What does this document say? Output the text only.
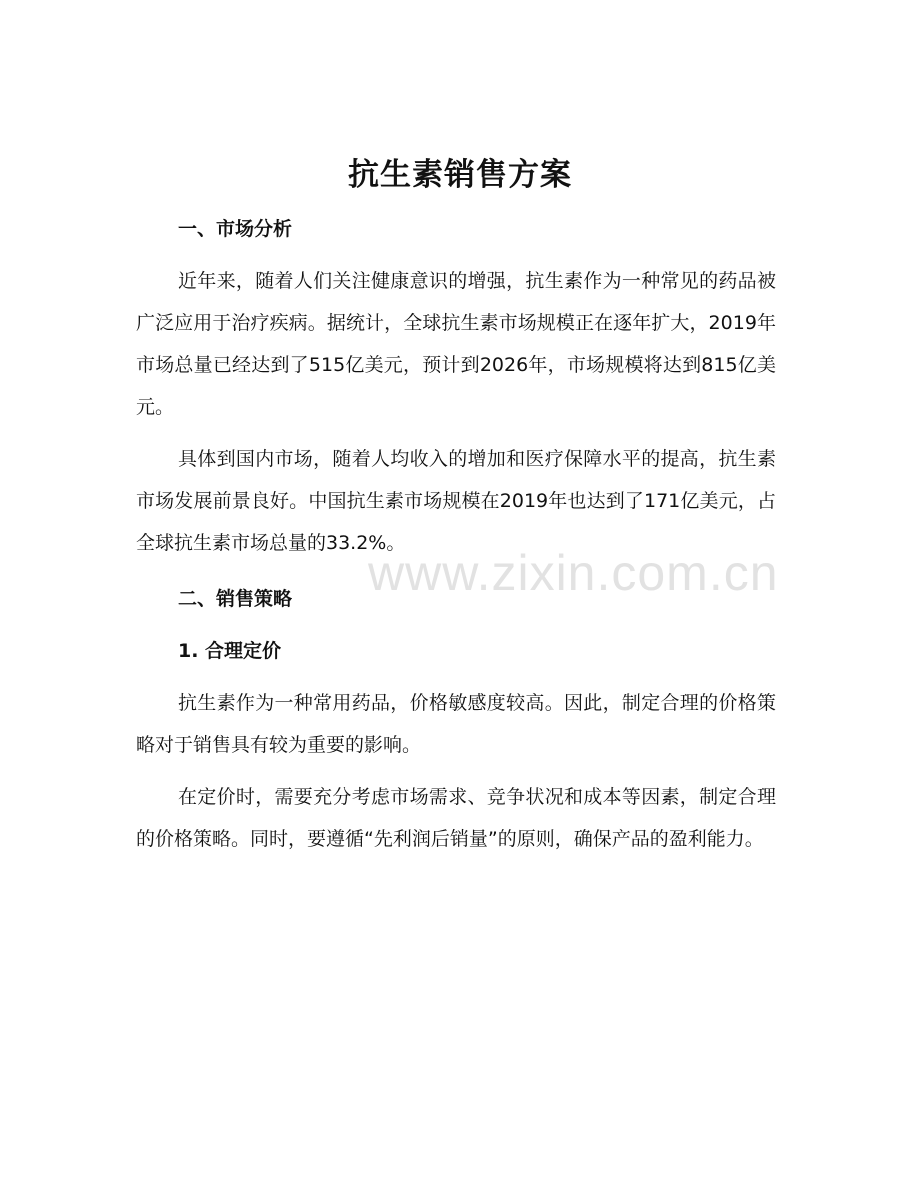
抗生素销售方案
一、市场分析

近年来，随着人们关注健康意识的增强，抗生素作为一种常见的药品被广泛应用于治疗疾病。据统计，全球抗生素市场规模正在逐年扩大，2019年市场总量已经达到了515亿美元，预计到2026年，市场规模将达到815亿美元。

具体到国内市场，随着人均收入的增加和医疗保障水平的提高，抗生素市场发展前景良好。中国抗生素市场规模在2019年也达到了171亿美元，占全球抗生素市场总量的33.2%。

二、销售策略
1. 合理定价

抗生素作为一种常用药品，价格敏感度较高。因此，制定合理的价格策略对于销售具有较为重要的影响。

在定价时，需要充分考虑市场需求、竞争状况和成本等因素，制定合理的价格策略。同时，要遵循“先利润后销量”的原则，确保产品的盈利能力。

www.zixin.com.cn
